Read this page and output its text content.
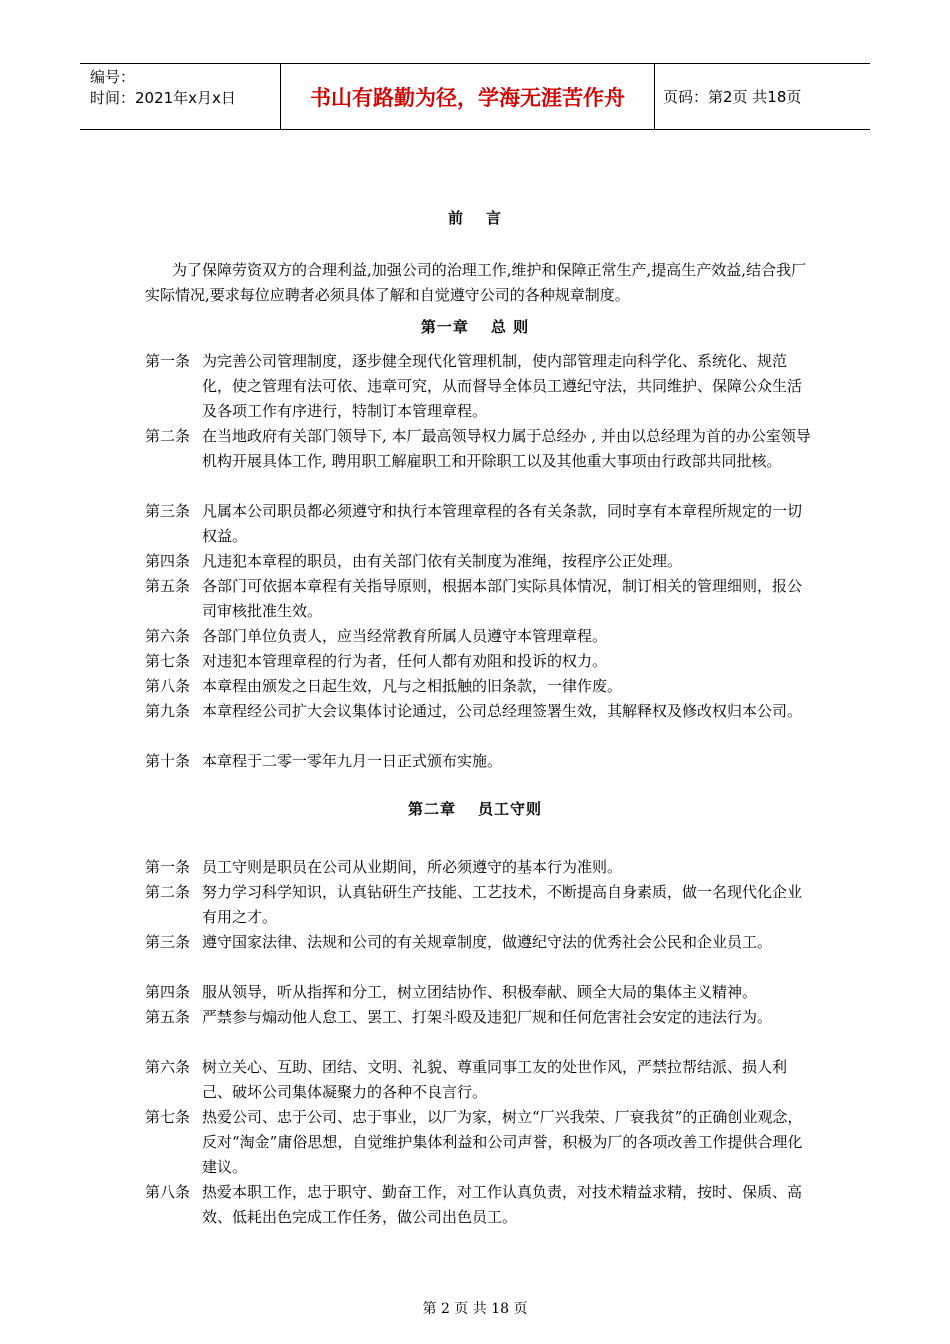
编号：
时间：2021年x月x日	书山有路勤为径，学海无涯苦作舟	页码：第2页 共18页
前 言
为了保障劳资双方的合理利益,加强公司的治理工作,维护和保障正常生产,提高生产效益,结合我厂实际情况,要求每位应聘者必须具体了解和自觉遵守公司的各种规章制度。
第一章 总 则
第一条 为完善公司管理制度，逐步健全现代化管理机制，使内部管理走向科学化、系统化、规范化，使之管理有法可依、违章可究，从而督导全体员工遵纪守法，共同维护、保障公众生活及各项工作有序进行，特制订本管理章程。
第二条 在当地政府有关部门领导下, 本厂最高领导权力属于总经办 , 并由以总经理为首的办公室领导机构开展具体工作, 聘用职工解雇职工和开除职工以及其他重大事项由行政部共同批核。
第三条 凡属本公司职员都必须遵守和执行本管理章程的各有关条款，同时享有本章程所规定的一切权益。
第四条 凡违犯本章程的职员，由有关部门依有关制度为准绳，按程序公正处理。
第五条 各部门可依据本章程有关指导原则，根据本部门实际具体情况，制订相关的管理细则，报公司审核批准生效。
第六条 各部门单位负责人，应当经常教育所属人员遵守本管理章程。
第七条 对违犯本管理章程的行为者，任何人都有劝阻和投诉的权力。
第八条 本章程由颁发之日起生效，凡与之相抵触的旧条款，一律作废。
第九条 本章程经公司扩大会议集体讨论通过，公司总经理签署生效，其解释权及修改权归本公司。
第十条 本章程于二零一零年九月一日正式颁布实施。
第二章 员工守则
第一条 员工守则是职员在公司从业期间，所必须遵守的基本行为准则。
第二条 努力学习科学知识，认真钻研生产技能、工艺技术，不断提高自身素质，做一名现代化企业有用之才。
第三条 遵守国家法律、法规和公司的有关规章制度，做遵纪守法的优秀社会公民和企业员工。
第四条 服从领导，听从指挥和分工，树立团结协作、积极奉献、顾全大局的集体主义精神。
第五条 严禁参与煽动他人怠工、罢工、打架斗殴及违犯厂规和任何危害社会安定的违法行为。
第六条 树立关心、互助、团结、文明、礼貌、尊重同事工友的处世作风，严禁拉帮结派、损人利己、破坏公司集体凝聚力的各种不良言行。
第七条 热爱公司、忠于公司、忠于事业，以厂为家，树立“厂兴我荣、厂衰我贫”的正确创业观念，反对“淘金”庸俗思想，自觉维护集体利益和公司声誉，积极为厂的各项改善工作提供合理化建议。
第八条 热爱本职工作，忠于职守、勤奋工作，对工作认真负责，对技术精益求精，按时、保质、高效、低耗出色完成工作任务，做公司出色员工。
第 2 页 共 18 页
